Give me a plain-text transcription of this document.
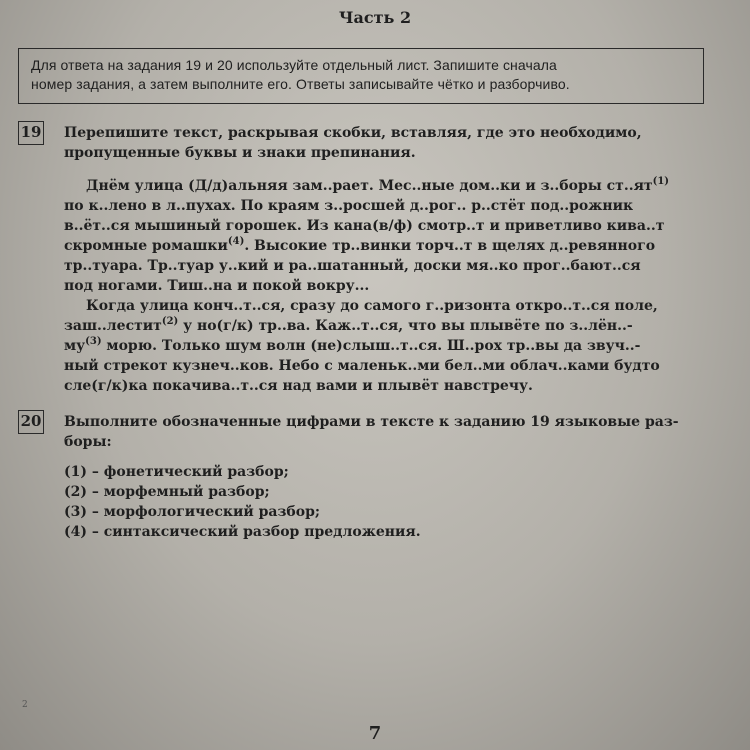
Часть 2
Для ответа на задания 19 и 20 используйте отдельный лист. Запишите сначала
номер задания, а затем выполните его. Ответы записывайте чётко и разборчиво.
19 Перепишите текст, раскрывая скобки, вставляя, где это необходимо,
пропущенные буквы и знаки препинания.

Днём улица (Д/д)альняя зам..рает. Мес..ные дом..ки и з..боры $ст..ят^{(1)}$

по к..лено в л..пухах. По краям з..росшей д..рог.. р..стёт под..рожник

в..ёт..ся мышиный горошек. Из кана(в/ф) смотр..т и приветливо кива..т

скромные ромашки$^{(4)}$. Высокие тр..винки торч..т в щелях д..ревянного

тр..туара. Тр..туар у..кий и ра..шатанный, доски мя..ко прог..бают..ся

под ногами. Тиш..на и покой вокру...

Когда улица конч..т..ся, сразу до самого г..ризонта откро..т..ся поле,

заш..лестит$^{(2)}$ у но(г/к) тр..ва. Каж..т..ся, что вы плывёте по з..лён..-

$му^{(3)}$ морю. Только шум волн (не)слыш..т..ся. Ш..рох тр..вы да звуч..-

ный стрекот кузнеч..ков. Небо с маленьк..ми бел..ми облач..ками будто

сле(г/к)ка покачива..т..ся над вами и плывёт навстречу.

20 Выполните обозначенные цифрами в тексте к заданию 19 языковые раз-
боры:
(1) – фонетический разбор;
(2) – морфемный разбор;
(3) – морфологический разбор;
(4) – синтаксический разбор предложения.
2
7
